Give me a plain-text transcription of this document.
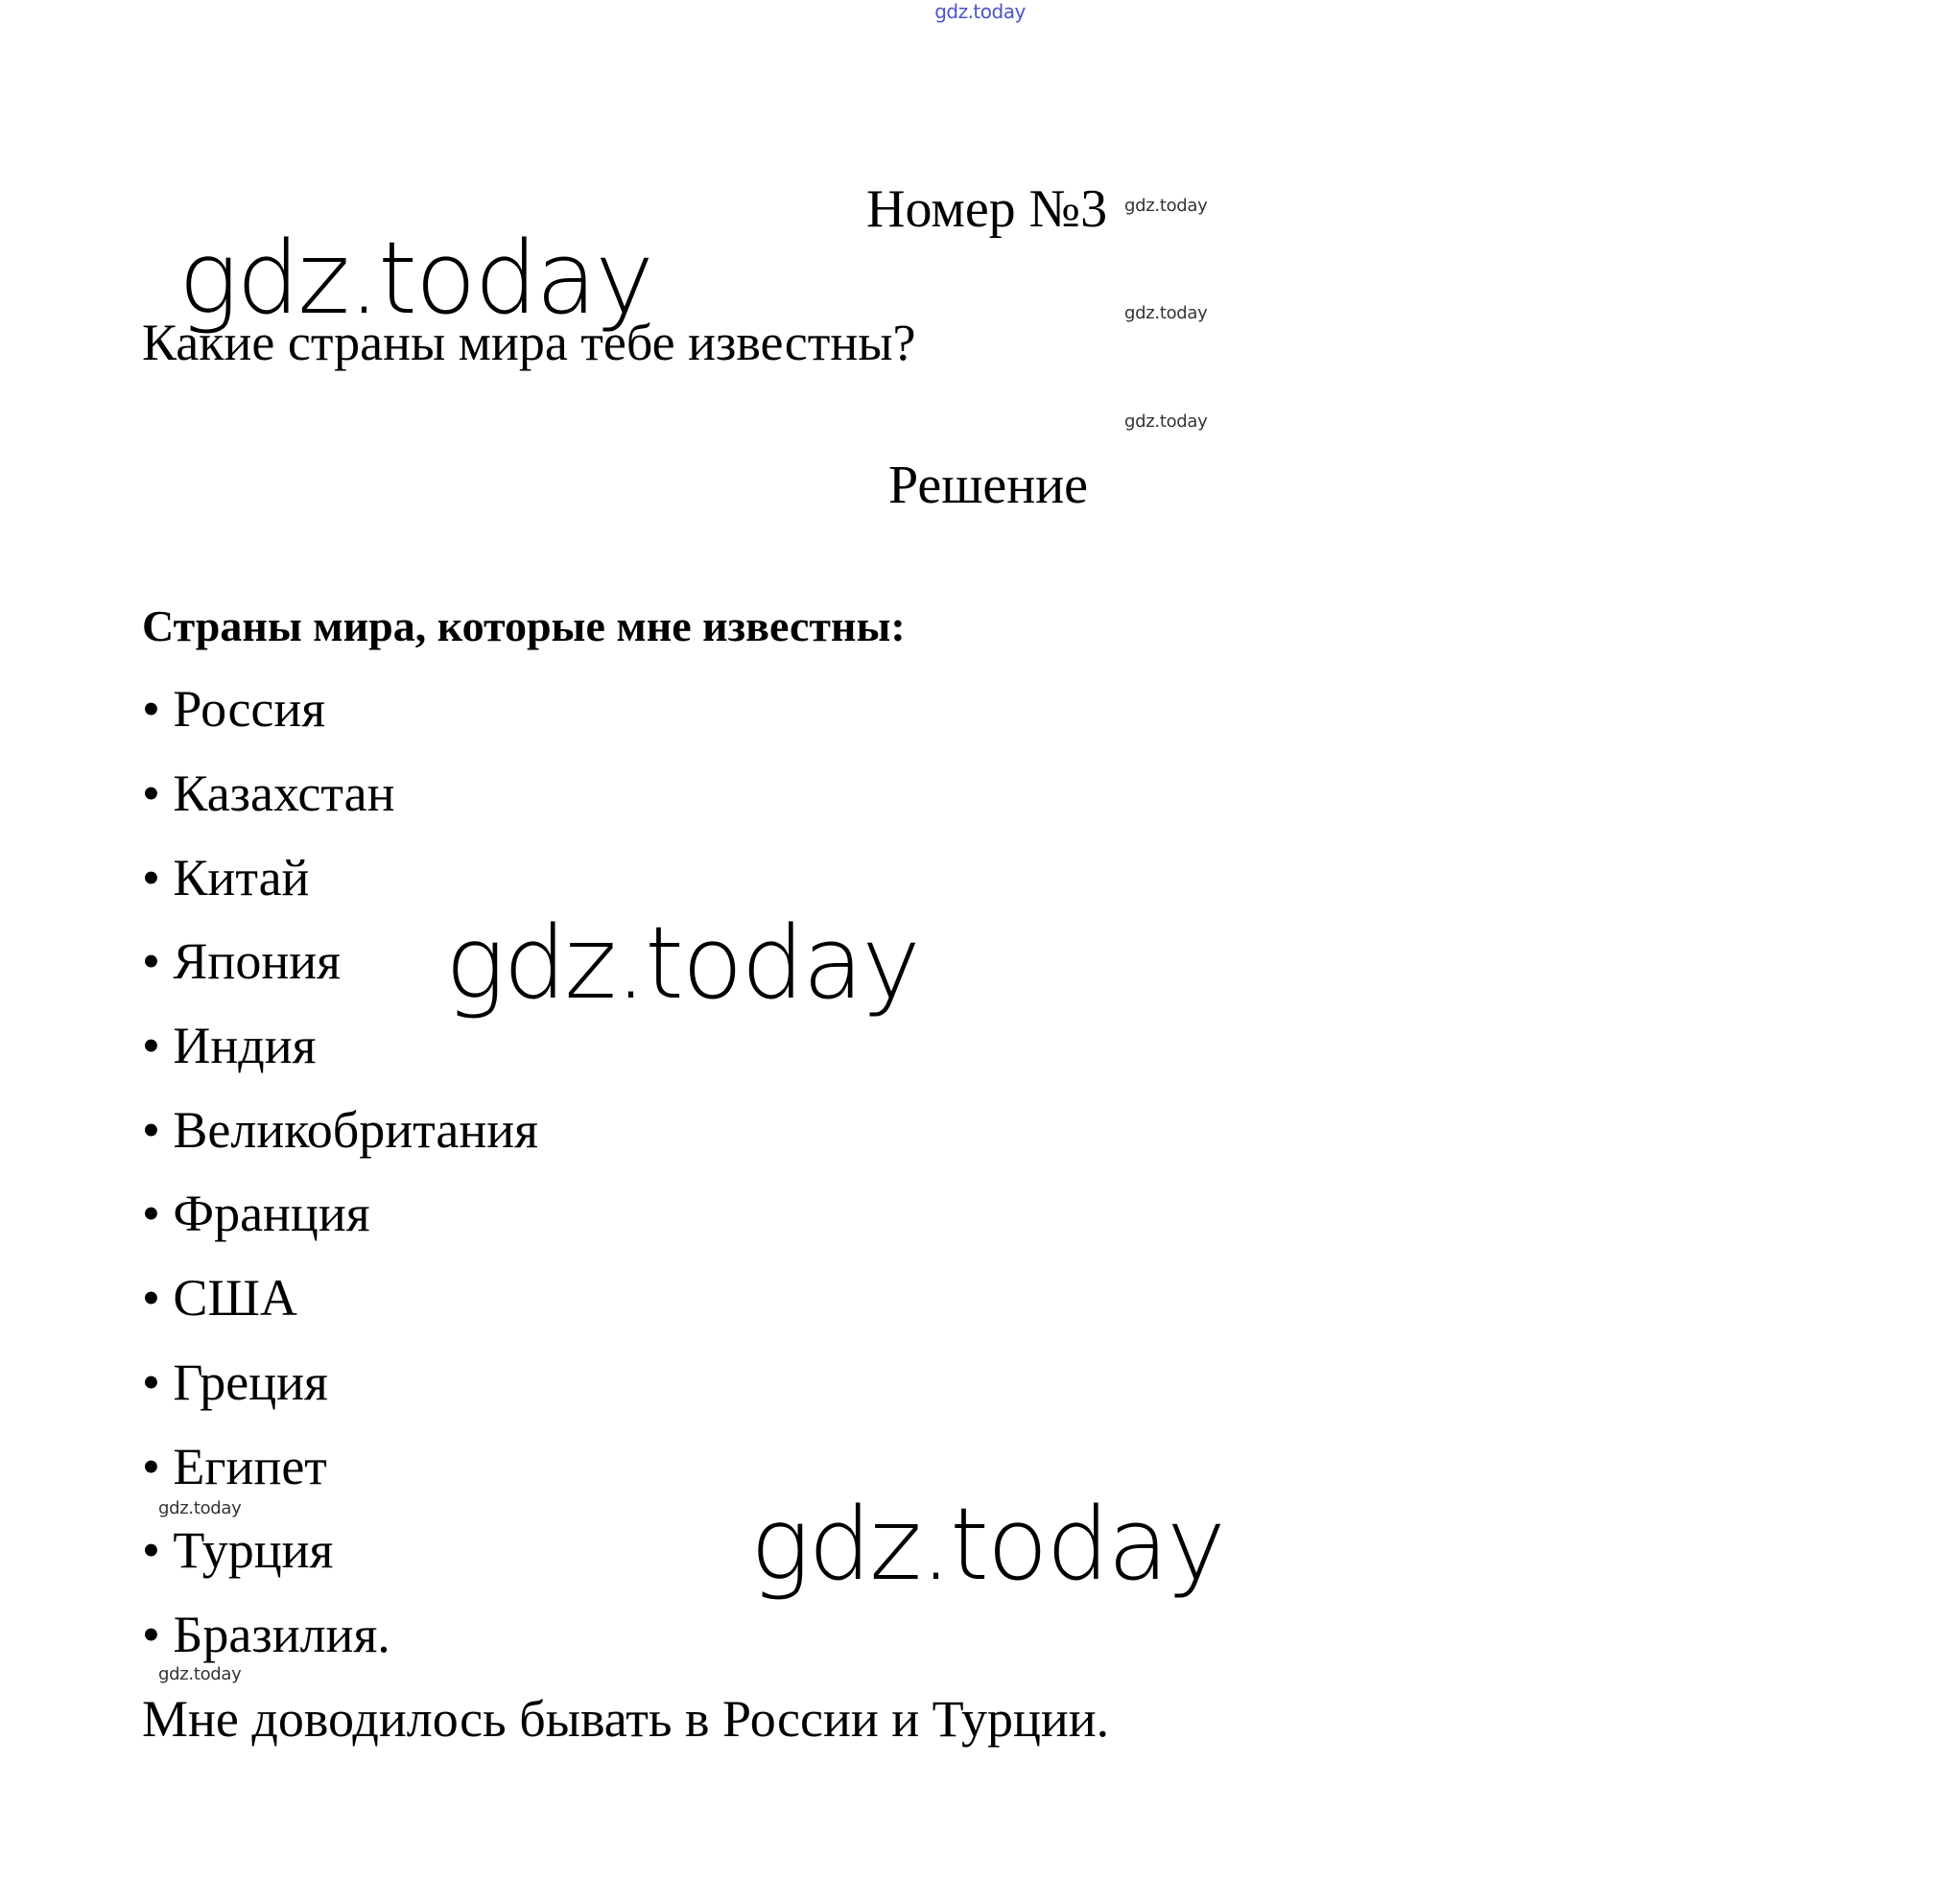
gdz.today
Номер №3 gdz.today
gdz.today
gdz.today
gdz.today
Какие страны мира тебе известны?
Решение
Страны мира, которые мне известны:
• Россия
• Казахстан
• Китай
• Япония
• Индия
• Великобритания
• Франция
• США
• Греция
• Египет
• Турция
• Бразилия.
gdz.today
gdz.today
gdz.today
gdz.today
Мне доводилось бывать в России и Турции.
